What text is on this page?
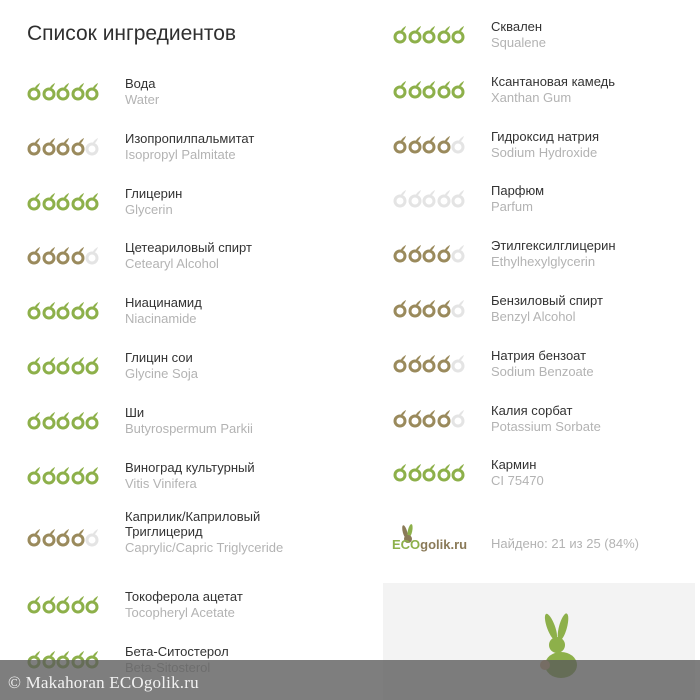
Список ингредиентов
Вода
Water
Изопропилпальмитат
Isopropyl Palmitate
Глицерин
Glycerin
Цетеариловый спирт
Cetearyl Alcohol
Ниацинамид
Niacinamide
Глицин сои
Glycine Soja
Ши
Butyrospermum Parkii
Виноград культурный
Vitis Vinifera
Каприлик/Каприловый Триглицерид
Caprylic/Capric Triglyceride
Токоферола ацетат
Tocopheryl Acetate
Бета-Ситостерол
Сквален
Squalene
Ксантановая камедь
Xanthan Gum
Гидроксид натрия
Sodium Hydroxide
Парфюм
Parfum
Этилгексилглицерин
Ethylhexylglycerin
Бензиловый спирт
Benzyl Alcohol
Натрия бензоат
Sodium Benzoate
Калия сорбат
Potassium Sorbate
Кармин
CI 75470
ECOgolik.ru Найдено: 21 из 25 (84%)
© Makahoran ECOgolik.ru
